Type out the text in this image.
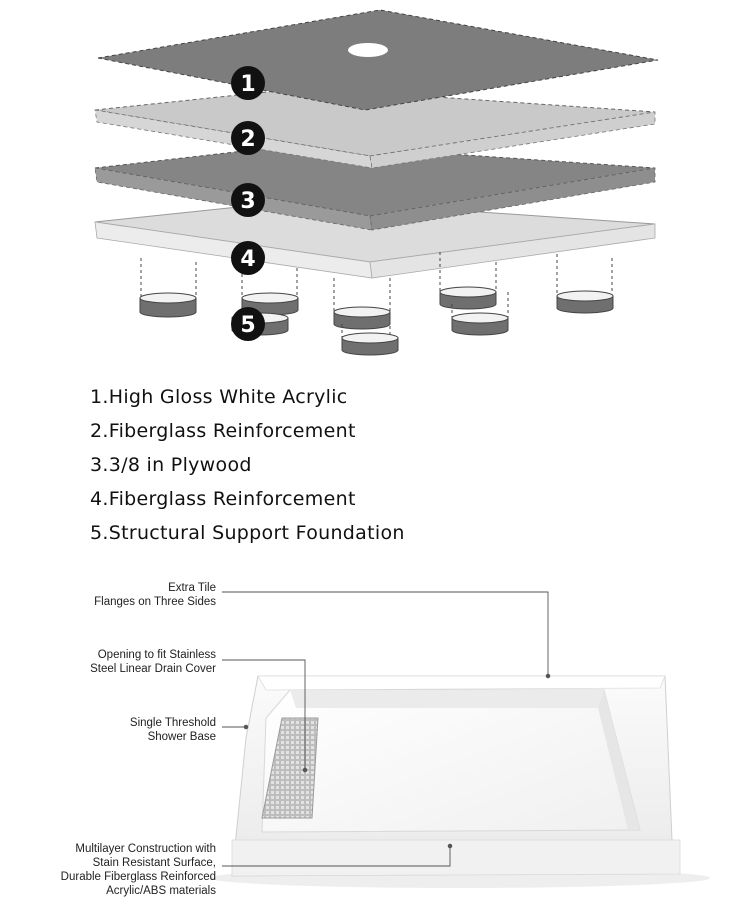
1
2
3
4
5
1.High Gloss White Acrylic
2.Fiberglass Reinforcement
3.3/8 in Plywood
4.Fiberglass Reinforcement
5.Structural Support Foundation
Extra Tile
Flanges on Three Sides
Opening to fit Stainless
Steel Linear Drain Cover
Single Threshold
Shower Base
Multilayer Construction with
Stain Resistant Surface,
Durable Fiberglass Reinforced
Acrylic/ABS materials
